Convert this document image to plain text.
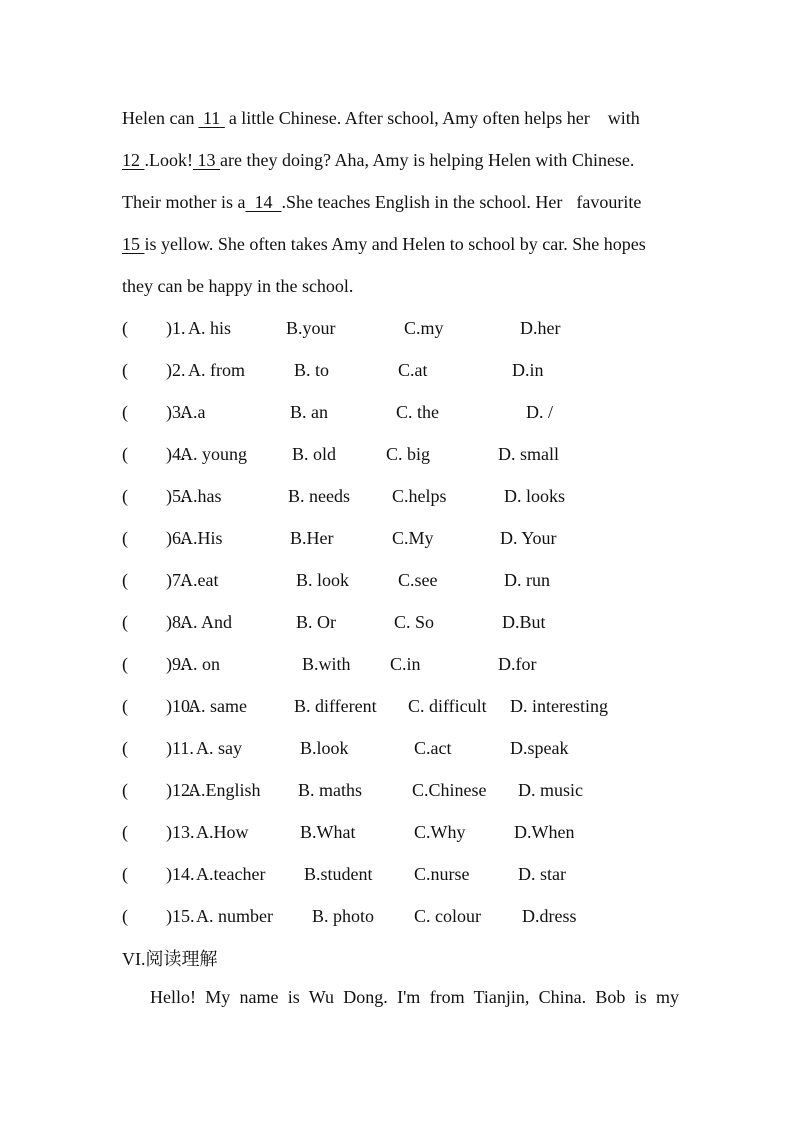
Helen can 11 a little Chinese. After school, Amy often helps her with
12 .Look! 13 are they doing? Aha, Amy is helping Helen with Chinese.
Their mother is a 14 .She teaches English in the school. Her favourite
15 is yellow. She often takes Amy and Helen to school by car. She hopes
they can be happy in the school.
( )1. A. his	B.your	C.my	D.her
( )2. A. from	B. to	C.at	D.in
( )3.
A.a	B. an	C. the	D. /
( )4.
A. young	B. old	C. big	D. small
( )5.
A.has	B. needs C.helps	D. looks
( )6.
A.His	B.Her	C.My	D. Your
( )7.
A.eat	B. look	C.see	D. run
( )8.
A. And	B. Or	C. So	D.But
( )9.
A. on	B.with C.in	D.for
( )10.
A. same	B. different C. difficult D. interesting
( )11. A. say	B.look	C.act	D.speak
( )12.
A.English B. maths	C.Chinese D. music
( )13. A.How	B.What	C.Why	D.When
( )14. A.teacher B.student C.nurse	D. star
( )15. A. number B. photo C. colour D.dress
VI.阅读理解
Hello! My name is Wu Dong. I'm from Tianjin, China. Bob is my
